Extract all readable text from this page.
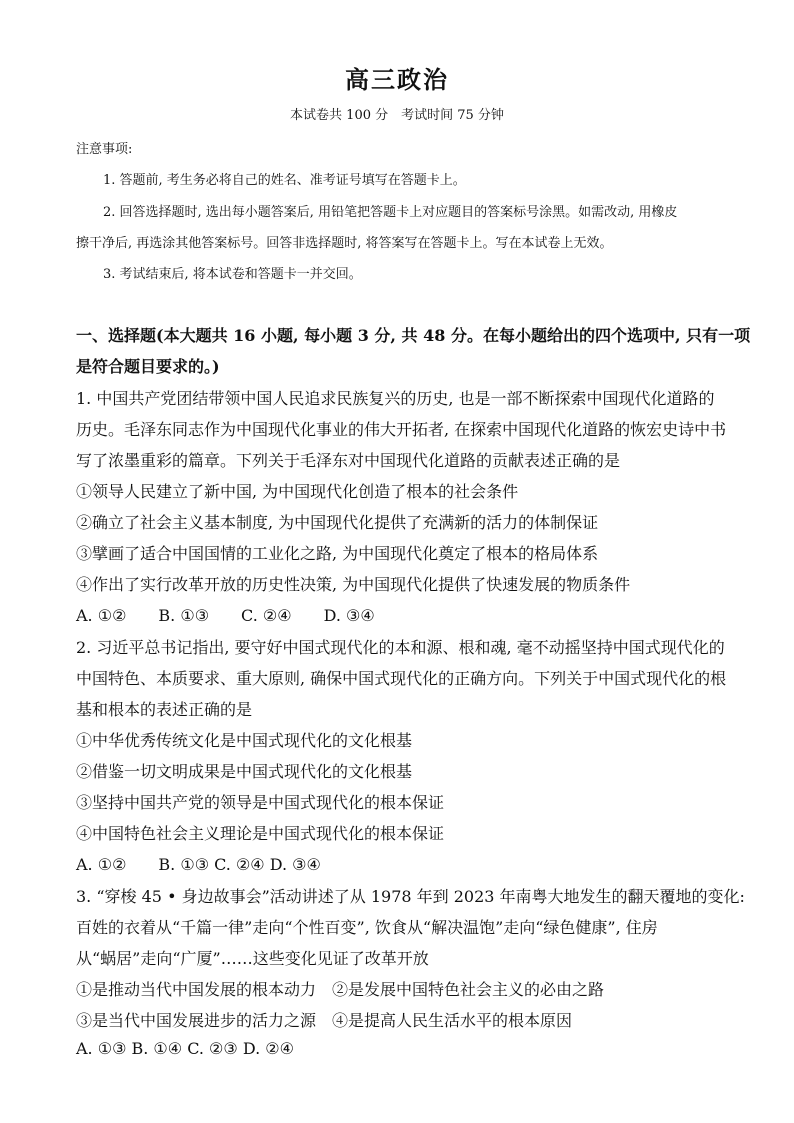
高三政治
本试卷共 100 分　考试时间 75 分钟
注意事项:
1. 答题前, 考生务必将自己的姓名、准考证号填写在答题卡上。
2. 回答选择题时, 选出每小题答案后, 用铅笔把答题卡上对应题目的答案标号涂黑。如需改动, 用橡皮
擦干净后, 再选涂其他答案标号。回答非选择题时, 将答案写在答题卡上。写在本试卷上无效。
3. 考试结束后, 将本试卷和答题卡一并交回。
一、选择题(本大题共 16 小题, 每小题 3 分, 共 48 分。在每小题给出的四个选项中, 只有一项
是符合题目要求的。)
1. 中国共产党团结带领中国人民追求民族复兴的历史, 也是一部不断探索中国现代化道路的
历史。毛泽东同志作为中国现代化事业的伟大开拓者, 在探索中国现代化道路的恢宏史诗中书
写了浓墨重彩的篇章。下列关于毛泽东对中国现代化道路的贡献表述正确的是
①领导人民建立了新中国, 为中国现代化创造了根本的社会条件
②确立了社会主义基本制度, 为中国现代化提供了充满新的活力的体制保证
③擘画了适合中国国情的工业化之路, 为中国现代化奠定了根本的格局体系
④作出了实行改革开放的历史性决策, 为中国现代化提供了快速发展的物质条件
A. ①②　　B. ①③　　C. ②④　　D. ③④
2. 习近平总书记指出, 要守好中国式现代化的本和源、根和魂, 毫不动摇坚持中国式现代化的
中国特色、本质要求、重大原则, 确保中国式现代化的正确方向。下列关于中国式现代化的根
基和根本的表述正确的是
①中华优秀传统文化是中国式现代化的文化根基
②借鉴一切文明成果是中国式现代化的文化根基
③坚持中国共产党的领导是中国式现代化的根本保证
④中国特色社会主义理论是中国式现代化的根本保证
A. ①②　　B. ①③ C. ②④ D. ③④
3. “穿梭 45 • 身边故事会”活动讲述了从 1978 年到 2023 年南粤大地发生的翻天覆地的变化:
百姓的衣着从“千篇一律”走向“个性百变”, 饮食从“解决温饱”走向“绿色健康”, 住房
从“蜗居”走向“广厦”……这些变化见证了改革开放
①是推动当代中国发展的根本动力　②是发展中国特色社会主义的必由之路
③是当代中国发展进步的活力之源　④是提高人民生活水平的根本原因
A. ①③ B. ①④ C. ②③ D. ②④
